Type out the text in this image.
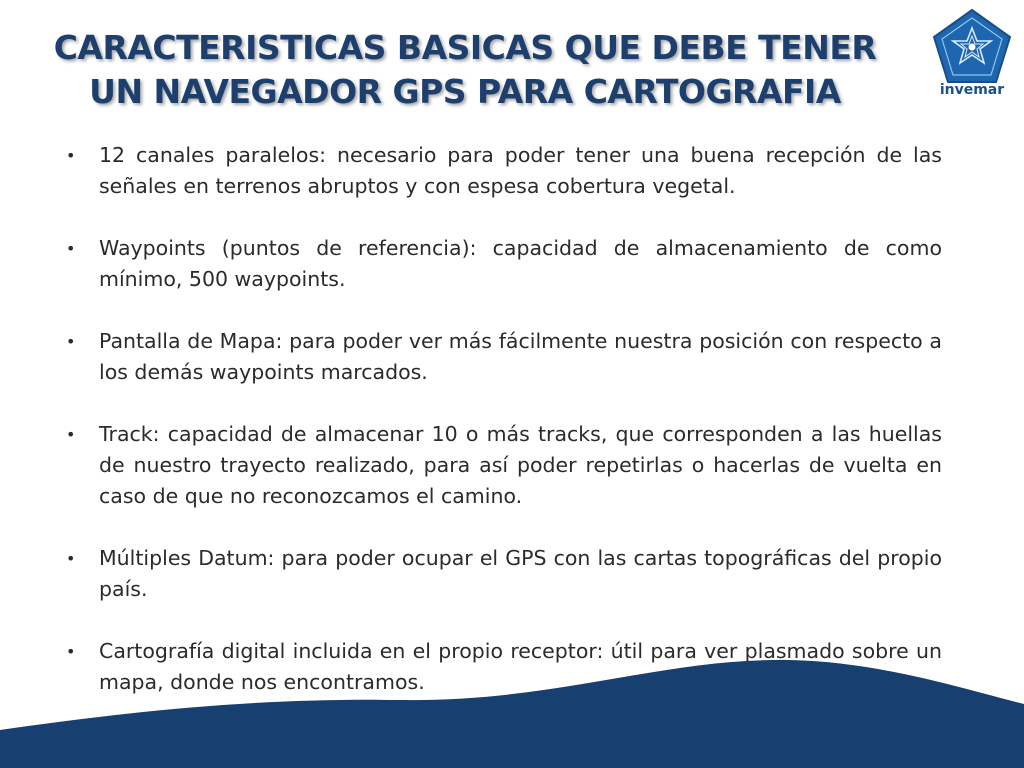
CARACTERISTICAS BASICAS QUE DEBE TENER
UN NAVEGADOR GPS PARA CARTOGRAFIA	invemar
• 12 canales paralelos: necesario para poder tener una buena recepción de las señales en terrenos abruptos y con espesa cobertura vegetal.
• Waypoints (puntos de referencia): capacidad de almacenamiento de como mínimo, 500 waypoints.
• Pantalla de Mapa: para poder ver más fácilmente nuestra posición con respecto a los demás waypoints marcados.
• Track: capacidad de almacenar 10 o más tracks, que corresponden a las huellas de nuestro trayecto realizado, para así poder repetirlas o hacerlas de vuelta en caso de que no reconozcamos el camino.
• Múltiples Datum: para poder ocupar el GPS con las cartas topográficas del propio país.
• Cartografía digital incluida en el propio receptor: útil para ver plasmado sobre un mapa, donde nos encontramos.
